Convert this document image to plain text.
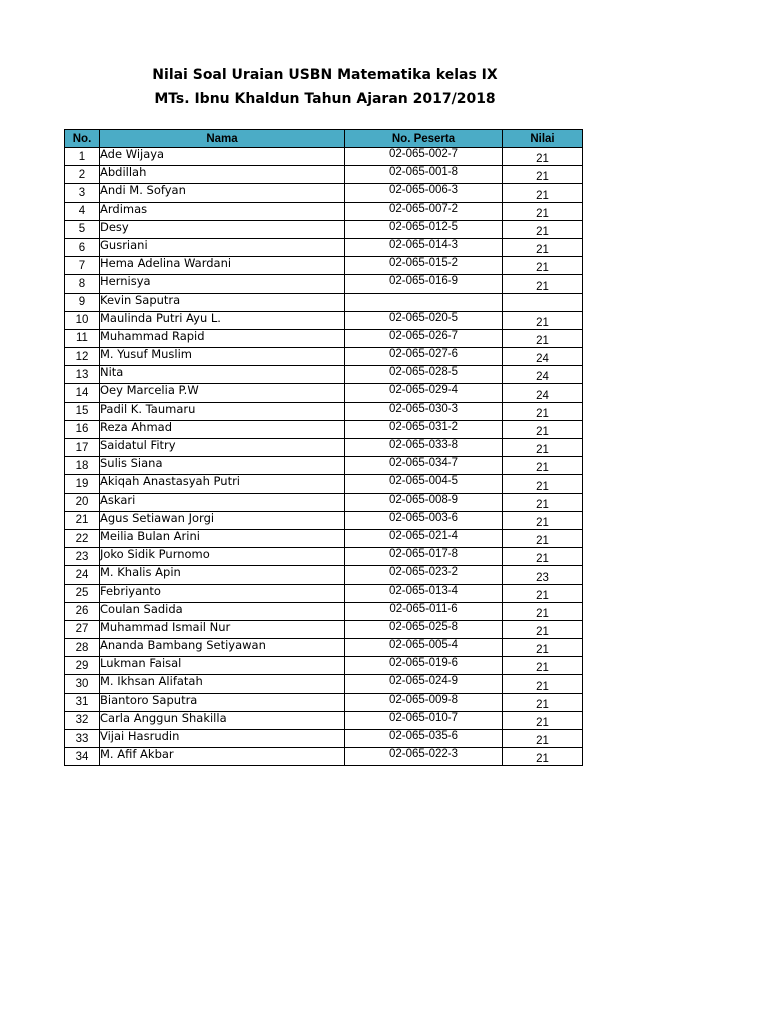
Nilai Soal Uraian USBN Matematika kelas IX
MTs. Ibnu Khaldun Tahun Ajaran 2017/2018
No.	Nama	No. Peserta	Nilai
1	Ade Wijaya	02-065-002-7	21
2	Abdillah	02-065-001-8	21
3	Andi M. Sofyan	02-065-006-3	21
4	Ardimas	02-065-007-2	21
5	Desy	02-065-012-5	21
6	Gusriani	02-065-014-3	21
7	Hema Adelina Wardani	02-065-015-2	21
8	Hernisya	02-065-016-9	21
9	Kevin Saputra		
10	Maulinda Putri Ayu L.	02-065-020-5	21
11	Muhammad Rapid	02-065-026-7	21
12	M. Yusuf Muslim	02-065-027-6	24
13	Nita	02-065-028-5	24
14	Oey Marcelia P.W	02-065-029-4	24
15	Padil K. Taumaru	02-065-030-3	21
16	Reza Ahmad	02-065-031-2	21
17	Saidatul Fitry	02-065-033-8	21
18	Sulis Siana	02-065-034-7	21
19	Akiqah Anastasyah Putri	02-065-004-5	21
20	Askari	02-065-008-9	21
21	Agus Setiawan Jorgi	02-065-003-6	21
22	Meilia Bulan Arini	02-065-021-4	21
23	Joko Sidik Purnomo	02-065-017-8	21
24	M. Khalis Apin	02-065-023-2	23
25	Febriyanto	02-065-013-4	21
26	Coulan Sadida	02-065-011-6	21
27	Muhammad Ismail Nur	02-065-025-8	21
28	Ananda Bambang Setiyawan	02-065-005-4	21
29	Lukman Faisal	02-065-019-6	21
30	M. Ikhsan Alifatah	02-065-024-9	21
31	Biantoro Saputra	02-065-009-8	21
32	Carla Anggun Shakilla	02-065-010-7	21
33	Vijai Hasrudin	02-065-035-6	21
34	M. Afif Akbar	02-065-022-3	21
